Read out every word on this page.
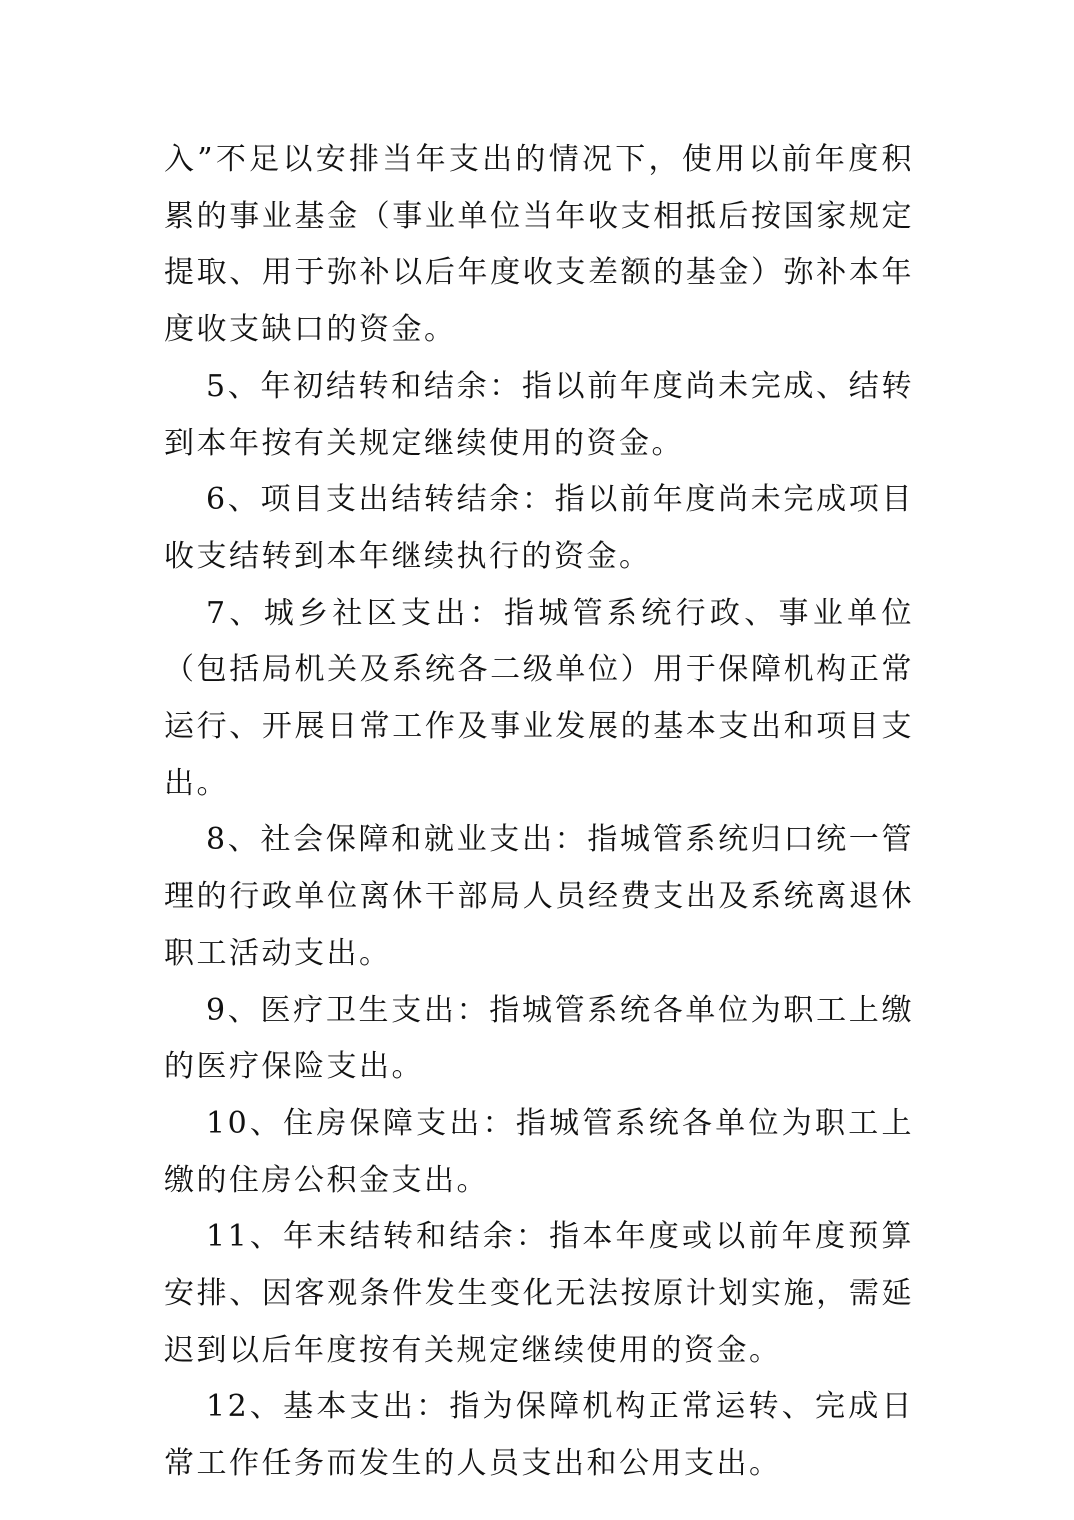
入”不足以安排当年支出的情况下，使用以前年度积累的事业基金（事业单位当年收支相抵后按国家规定提取、用于弥补以后年度收支差额的基金）弥补本年度收支缺口的资金。

5、年初结转和结余：指以前年度尚未完成、结转到本年按有关规定继续使用的资金。

6、项目支出结转结余：指以前年度尚未完成项目收支结转到本年继续执行的资金。

7、城乡社区支出：指城管系统行政、事业单位（包括局机关及系统各二级单位）用于保障机构正常运行、开展日常工作及事业发展的基本支出和项目支出。

8、社会保障和就业支出：指城管系统归口统一管理的行政单位离休干部局人员经费支出及系统离退休职工活动支出。

9、医疗卫生支出：指城管系统各单位为职工上缴的医疗保险支出。

10、住房保障支出：指城管系统各单位为职工上缴的住房公积金支出。

11、年末结转和结余：指本年度或以前年度预算安排、因客观条件发生变化无法按原计划实施，需延迟到以后年度按有关规定继续使用的资金。

12、基本支出：指为保障机构正常运转、完成日常工作任务而发生的人员支出和公用支出。
